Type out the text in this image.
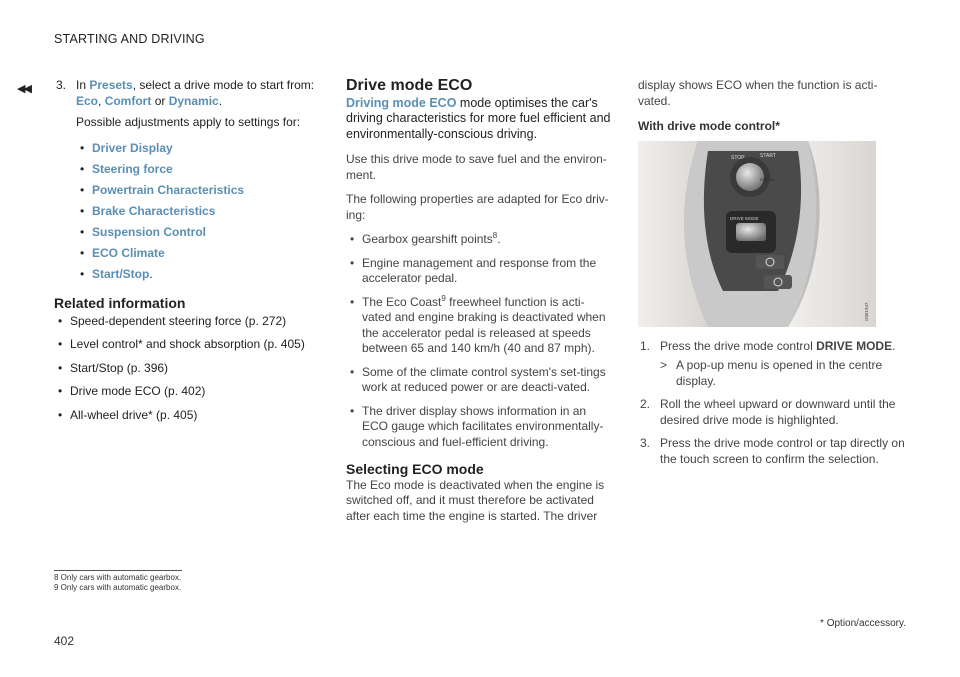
STARTING AND DRIVING
◀◀ 3. In Presets, select a drive mode to start from: Eco, Comfort or Dynamic.
Possible adjustments apply to settings for:
• Driver Display
• Steering force
• Powertrain Characteristics
• Brake Characteristics
• Suspension Control
• ECO Climate
• Start/Stop.
Related information
• Speed-dependent steering force (p. 272)
• Level control* and shock absorption (p. 405)
• Start/Stop (p. 396)
• Drive mode ECO (p. 402)
• All-wheel drive* (p. 405)
Drive mode ECO

Driving mode ECO mode optimises the car's driving characteristics for more fuel efficient and environmentally-conscious driving.

Use this drive mode to save fuel and the environ-ment.

The following properties are adapted for Eco driv-ing:

• Gearbox gearshift points$^8$.
• Engine management and response from the accelerator pedal.
• The Eco Coast$^9$ freewheel function is acti-vated and engine braking is deactivated when the accelerator pedal is released at speeds between 65 and 140 km/h (40 and 87 mph).
• Some of the climate control system's set-tings work at reduced power or are deacti-vated.
• The driver display shows information in an ECO gauge which facilitates environmentally-conscious and fuel-efficient driving.
Selecting ECO mode

The Eco mode is deactivated when the engine is switched off, and it must therefore be activated after each time the engine is started. The driver

display shows ECO when the function is acti-vated.

With drive mode control*
STOP	START
ENGINE
DRIVE MODE
G061947
1. Press the drive mode control DRIVE MODE.
> A pop-up menu is opened in the centre display.
2. Roll the wheel upward or downward until the desired drive mode is highlighted.
3. Press the drive mode control or tap directly on the touch screen to confirm the selection.
8 Only cars with automatic gearbox.
9 Only cars with automatic gearbox.
* Option/accessory.
402
